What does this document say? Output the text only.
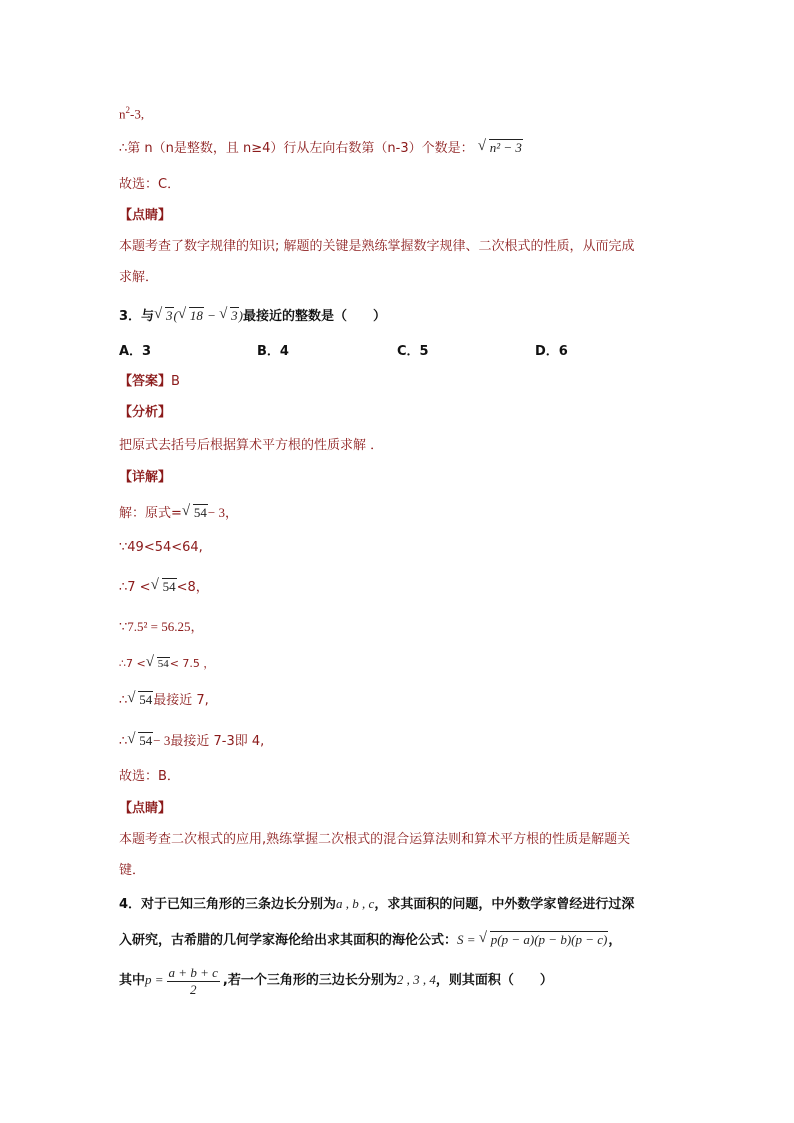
$n^2-3$,
∴第 n（n是整数，且 n≥4）行从左向右数第（n-3）个数是： √ n² − 3
故选：C．
【点睛】
本题考查了数字规律的知识; 解题的关键是熟练掌握数字规律、二次根式的性质，从而完成
求解．
3．与 √ 3( √ 18 − √ 3)最接近的整数是（　　）
A．3	B．4	C．5	D．6
【答案】B
【分析】
把原式去括号后根据算术平方根的性质求解 ．
【详解】
解：原式= √ 54− 3，
∵49<54<64,
∴7 < √ 54<8，
∵7.5² = 56.25，
∴7 < √ 54< 7.5 ，
∴ √ 54最接近 7,
∴ √ 54− 3最接近 7-3即 4,
故选：B．
【点睛】
本题考查二次根式的应用,熟练掌握二次根式的混合运算法则和算术平方根的性质是解题关
键．
4．对于已知三角形的三条边长分别为a , b , c，求其面积的问题，中外数学家曾经进行过深
入研究，古希腊的几何学家海伦给出求其面积的海伦公式：S = √ p(p − a)(p − b)(p − c)，
其中$p = \frac{a + b + c}{2}$ ,若一个三角形的三边长分别为2 , 3 , 4，则其面积（　　）
